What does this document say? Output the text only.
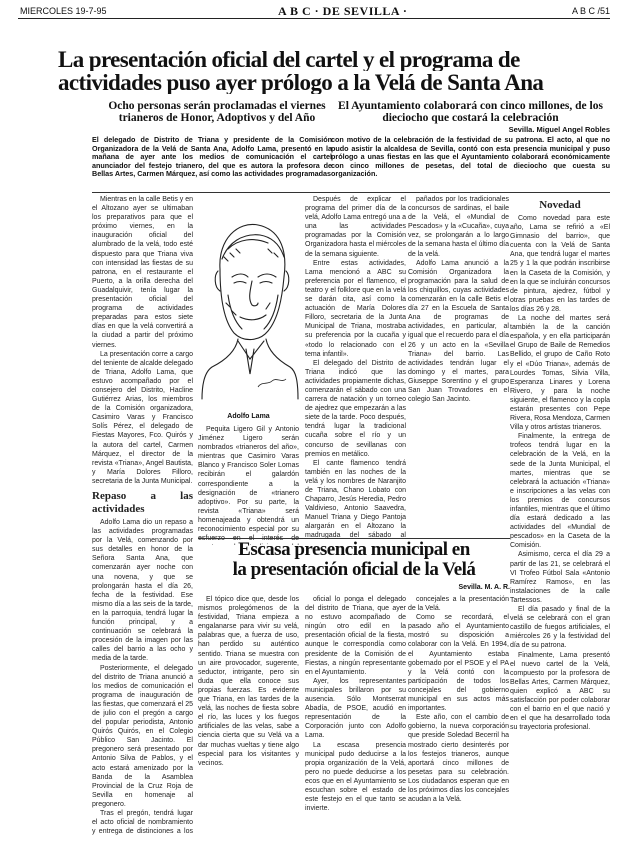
MIERCOLES 19-7-95	A B C · DE SEVILLA ·	A B C /51
La presentación oficial del cartel y el programa de
actividades puso ayer prólogo a la Velá de Santa Ana
Ocho personas serán proclamadas el viernes trianeros de Honor, Adoptivos y del Año
El Ayuntamiento colaborará con cinco millones, de los dieciocho que costará la celebración
Sevilla. Miguel Angel Robles
El delegado de Distrito de Triana y presidente de la Comisión Organizadora de la Velá de Santa Ana, Adolfo Lama, presentó en la mañana de ayer ante los medios de comunicación el cartel anunciador del festejo trianero, del que es autora la profesora de Bellas Artes, Carmen Márquez, así como las actividades programadas
con motivo de la celebración de la festividad de su patrona. El acto, al que no pudo asistir la alcaldesa de Sevilla, contó con esta presencia municipal y puso prólogo a unas fiestas en las que el Ayuntamiento colaborará económicamente con cinco millones de pesetas, del total de dieciocho que cuesta su organización.

Mientras en la calle Betis y en el Altozano ayer se ultimaban los preparativos para que el próximo viernes, en la inauguración oficial del alumbrado de la velá, todo esté dispuesto para que Triana viva con intensidad las fiestas de su patrona, en el restaurante el Puerto, a la orilla derecha del Guadalquivir, tenía lugar la presentación oficial del programa de actividades preparadas para estos siete días en que la velá convertirá a la ciudad a partir del próximo viernes.

La presentación corre a cargo del teniente de alcalde delegado de Triana, Adolfo Lama, que estuvo acompañado por el consejero del Distrito, Hacline Gutiérrez Arias, los miembros de la Comisión organizadora, Casimiro Varas y Francisco Solís Pérez, el delegado de Fiestas Mayores, Fco. Quirós y la autora del cartel, Carmen Márquez, el director de la revista «Triana», Angel Bautista, y María Dolores Filloro, secretaria de la Junta Municipal.

Repaso a las actividades

Adolfo Lama dio un repaso a las actividades programadas por la Velá, comenzando por sus detalles en honor de la Señora Santa Ana, que comenzarán ayer noche con una novena, y que se prolongarán hasta el día 26, fecha de la festividad. Ese mismo día a las seis de la tarde, en la parroquia, tendrá lugar la función principal, y a continuación se celebrará la procesión de la imagen por las calles del barrio a las ocho y media de la tarde.

Posteriormente, el delegado del distrito de Triana anunció a los medios de comunicación el programa de inauguración de las fiestas, que comenzará el 25 de julio con el pregón a cargo del popular periodista, Antonio Quirós Quirós, en el Colegio Público San Jacinto. El pregonero será presentado por Antonio Silva de Pablos, y el acto estará amenizado por la Banda de la Asamblea Provincial de la Cruz Roja de Sevilla en homenaje al pregonero.

Tras el pregón, tendrá lugar el acto oficial de nombramiento y entrega de distinciones a los

Adolfo Lama

Pequita Ligero Gil y Antonio Jiménez Ligero serán nombrados «trianeros del año», mientras que Casimiro Varas Blanco y Francisco Soler Lomas recibirán el galardón correspondiente a la designación de «trianero adoptivo». Por su parte, la revista «Triana» será homenajeada y obtendrá un reconocimiento especial por su esfuerzo en el interés de

Después de explicar el programa del primer día de la velá, Adolfo Lama entregó una a una las actividades programadas por la Comisión Organizadora hasta el miércoles de la semana siguiente.

Entre estas actividades, Lama mencionó a ABC su preferencia por el flamenco, el teatro y el folklore que en la velá se darán cita, así como la actuación de María Dolores Filloro, secretaria de la Junta Municipal de Triana, mostraba su preferencia por la cucaña y «todo lo relacionado con el tema infantil».

El delegado del Distrito de Triana indicó que las actividades propiamente dichas, comenzarán el sábado con una carrera de natación y un torneo de ajedrez que empezarán a las siete de la tarde. Poco después, tendrá lugar la tradicional cucaña sobre el río y un concurso de sevillanas con premios en metálico.

El cante flamenco tendrá también en las noches de la velá y los nombres de Naranjito de Triana, Chano Lobato con Chaparro, Jesús Heredia, Pedro Valdivieso, Antonio Saavedra, Manuel Triana y Diego Pantoja alargarán en el Altozano la madrugada del sábado al

pañados por los tradicionales concursos de sardinas, el baile de la Velá, el «Mundial de Pescados» y la «Cucaña», cuya vez, se prolongarán a lo largo de la semana hasta el último día de la velá.

Adolfo Lama anunció a la Comisión Organizadora la programación para la salud de los chiquillos, cuyas actividades comenzarán en la calle Betis el día 27 en la Escuela de Santa Ana de programas de actividades, en particular, al igual que el recuerdo para el día 26 y un acto en la «Sevilla Triana» del barrio. Las actividades tendrán lugar el domingo y el martes, para Giuseppe Sorentino y el grupo San Juan Trovadores en el colegio San Jacinto.

Novedad

Como novedad para este año, Lama se refirió a «El Gimnasio del barrio», que cuenta con la Velá de Santa Ana, que tendrá lugar el martes 25 y 1 la que podrán inscribirse en la Caseta de la Comisión, y en la que se incluirán concursos de pintura, ajedrez, fútbol y otras pruebas en las tardes de los días 26 y 28.

La noche del martes será también la de la canción española, y en ella participarán el Grupo de Baile de Remedios Bellido, el grupo de Caño Roto y el «Dúo Triana», además de Lourdes Tomas, Silvia Villa, Esperanza Linares y Lorena Rivero, y para la noche siguiente, el flamenco y la copla estarán presentes con Pepe Rivera, Rosa Mendoza, Carmen Villa y otros artistas trianeros.

Finalmente, la entrega de trofeos tendrá lugar en la celebración de la Velá, en la sede de la Junta Municipal, el martes, mientras que se celebrará la actuación «Triana» e inscripciones a las velas con los premios de concursos infantiles, mientras que el último día estará dedicado a las actividades del «Mundial de pescados» en la Caseta de la Comisión.

Asimismo, cerca el día 29 a partir de las 21, se celebrará el VI Trofeo Fútbol Sala «Antonio Ramírez Ramos», en las instalaciones de la calle Tartessos.

El día pasado y final de la velá se celebrará con el gran castillo de fuegos artificiales, el miércoles 26 y la festividad del día de su patrona.

Finalmente, Lama presentó el nuevo cartel de la Velá, compuesto por la profesora de Bellas Artes, Carmen Márquez, quien explicó a ABC su satisfacción por poder colaborar con el barrio en el que nació y en el que ha desarrollado toda su trayectoria profesional.

Escasa presencia municipal en
la presentación oficial de la Velá
Sevilla. M. A. R.

El tópico dice que, desde los mismos prolegómenos de la festividad, Triana empieza a engalanarse para vivir su velá, palabras que, a fuerza de uso, han perdido su auténtico sentido. Triana se muestra con un aire provocador, sugerente, seductor, intrigante, pero sin duda que ella conoce sus propias fuerzas. Es evidente que Triana, en las tardes de la velá, las noches de fiesta sobre el río, las luces y los fuegos artificiales de las velas, sabe a ciencia cierta que su Velá va a dar muchas vueltas y tiene algo especial para los visitantes y vecinos.

oficial lo ponga el delegado del distrito de Triana, que ayer no estuvo acompañado de ningún otro edil en la presentación oficial de la fiesta, aunque le correspondía como presidente de la Comisión de Fiestas, a ningún representante en el Ayuntamiento.

Ayer, los representantes municipales brillaron por su ausencia. Sólo Montserrat Abadía, de PSOE, acudió en representación de la Corporación junto con Adolfo Lama.

La escasa presencia municipal pudo deducirse a la propia organización de la Velá, pero no puede deducirse a los ecos que en el Ayuntamiento se escuchan sobre el estado de este festejo en el que tanto se invierte.

concejales a la presentación de la Velá.

Como se recordará, el pasado año el Ayuntamiento mostró su disposición a colaborar con la Velá. En 1994, el Ayuntamiento estaba gobernado por el PSOE y el PA y la Velá contó con la participación de todos los concejales del gobierno municipal en sus actos más importantes.

Este año, con el cambio de gobierno, la nueva corporación que preside Soledad Becerril ha mostrado cierto desinterés por los festejos trianeros, aunque aportará cinco millones de pesetas para su celebración. Los ciudadanos esperan que en los próximos días los concejales acudan a la Velá.
